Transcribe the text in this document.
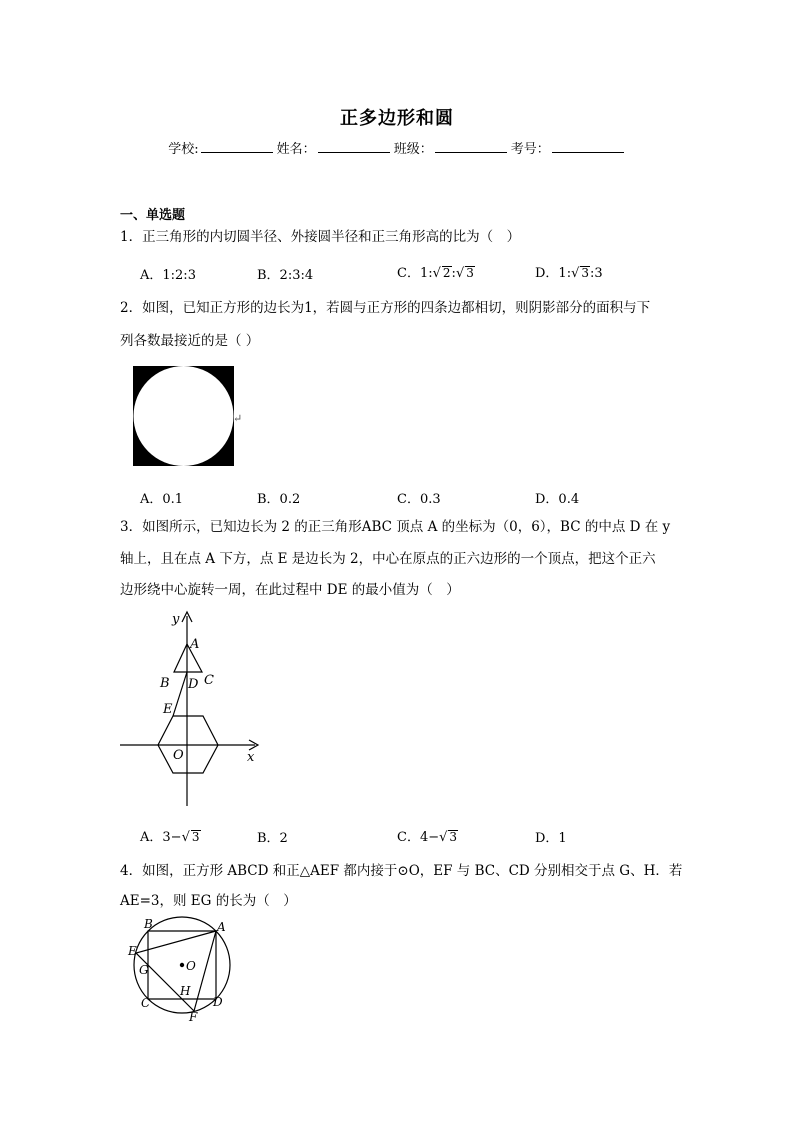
正多边形和圆
学校:	姓名：	班级：	考号：
一、单选题
1．正三角形的内切圆半径、外接圆半径和正三角形高的比为（　）
A．1:2:3	B．2:3:4	C．1:√ 2:√ 3	D．1:√ 3:3
2．如图，已知正方形的边长为1，若圆与正方形的四条边都相切，则阴影部分的面积与下
列各数最接近的是（ ）
↵
A．0.1	B．0.2	C．0.3	D．0.4
3．如图所示，已知边长为 2 的正三角形ABC 顶点 A 的坐标为（0，6），BC 的中点 D 在 y
轴上，且在点 A 下方，点 E 是边长为 2，中心在原点的正六边形的一个顶点，把这个正六
边形绕中心旋转一周，在此过程中 DE 的最小值为（　）
y
x
A
B	C
D
E
O
A．3−√ 3	B．2	C．4−√ 3	D．1
4．如图，正方形 ABCD 和正△AEF 都内接于⊙O，EF 与 BC、CD 分别相交于点 G、H．若
AE=3，则 EG 的长为（　）
B	A
E
G	O
C
H
D
F
